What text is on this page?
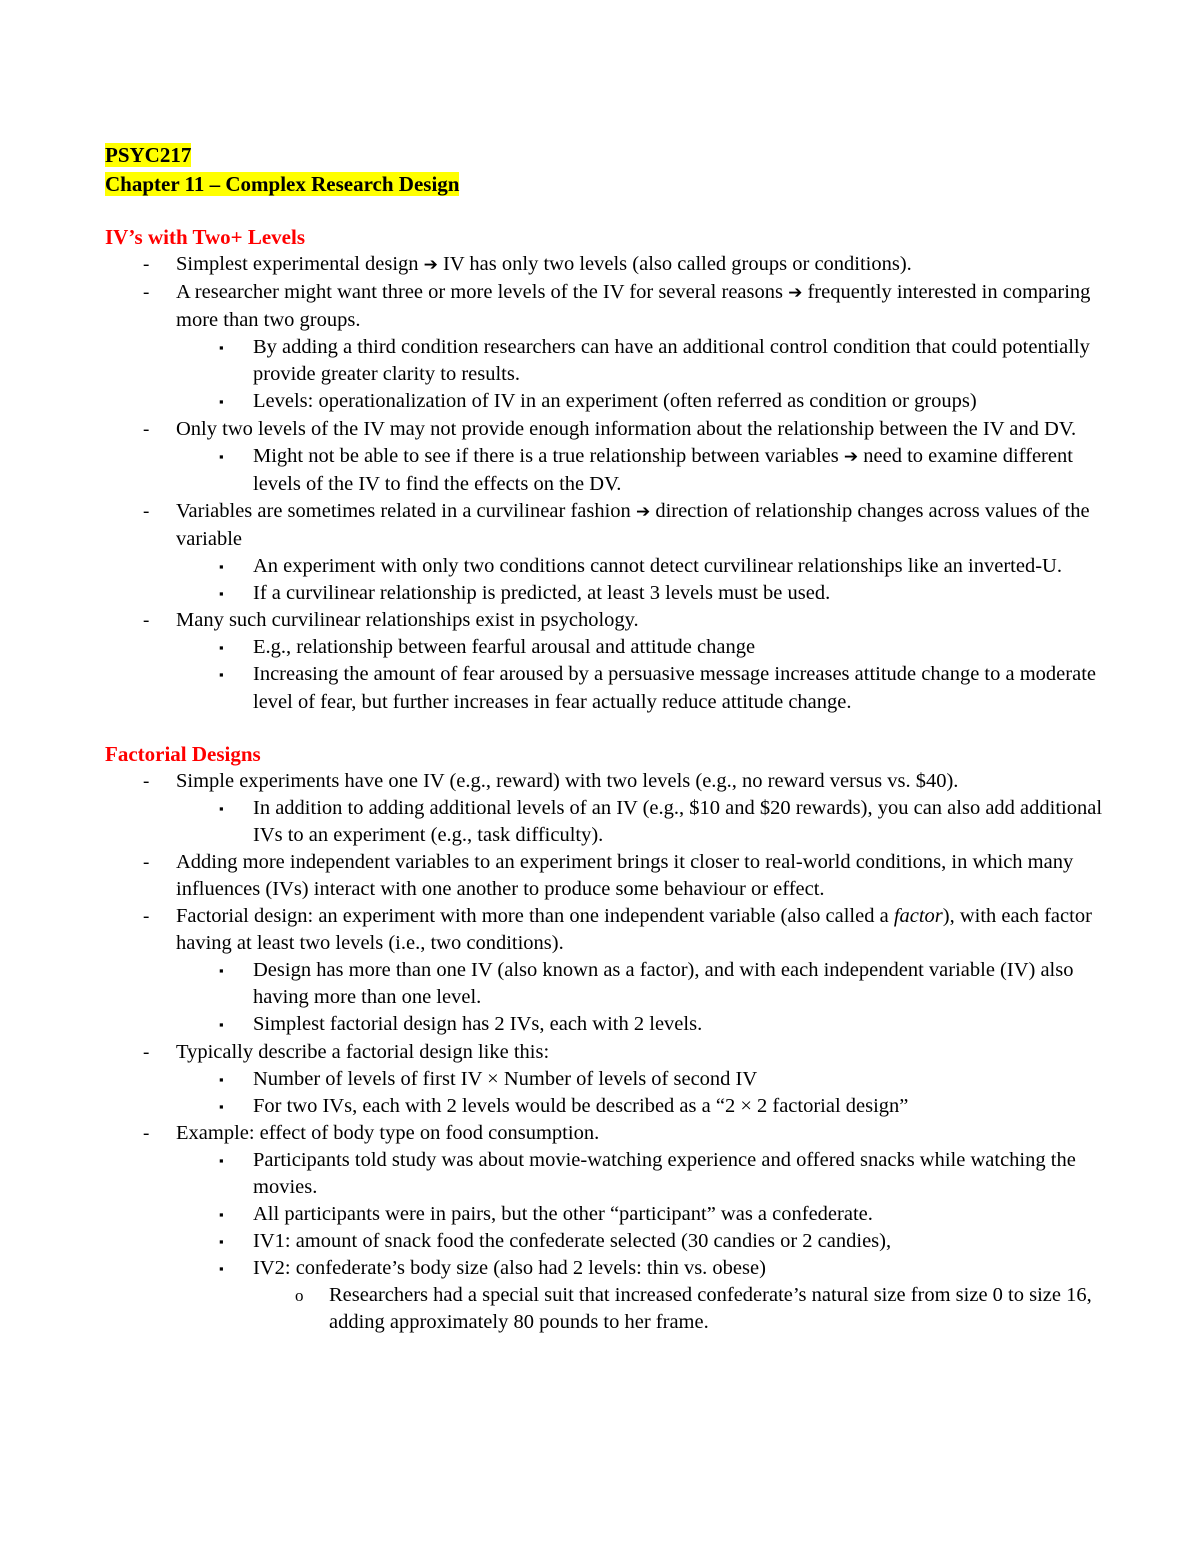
PSYC217
Chapter 11 – Complex Research Design
IV’s with Two+ Levels
- Simplest experimental design ➔ IV has only two levels (also called groups or conditions).
- A researcher might want three or more levels of the IV for several reasons ➔ frequently interested in comparing more than two groups.
▪ By adding a third condition researchers can have an additional control condition that could potentially provide greater clarity to results.
▪ Levels: operationalization of IV in an experiment (often referred as condition or groups)
- Only two levels of the IV may not provide enough information about the relationship between the IV and DV.
▪ Might not be able to see if there is a true relationship between variables ➔ need to examine different levels of the IV to find the effects on the DV.
- Variables are sometimes related in a curvilinear fashion ➔ direction of relationship changes across values of the variable
▪ An experiment with only two conditions cannot detect curvilinear relationships like an inverted-U.
▪ If a curvilinear relationship is predicted, at least 3 levels must be used.
- Many such curvilinear relationships exist in psychology.
▪ E.g., relationship between fearful arousal and attitude change
▪ Increasing the amount of fear aroused by a persuasive message increases attitude change to a moderate level of fear, but further increases in fear actually reduce attitude change.
Factorial Designs
- Simple experiments have one IV (e.g., reward) with two levels (e.g., no reward versus vs. $40).
▪ In addition to adding additional levels of an IV (e.g., $10 and $20 rewards), you can also add additional IVs to an experiment (e.g., task difficulty).
- Adding more independent variables to an experiment brings it closer to real-world conditions, in which many influences (IVs) interact with one another to produce some behaviour or effect.
- Factorial design: an experiment with more than one independent variable (also called a factor), with each factor having at least two levels (i.e., two conditions).
▪ Design has more than one IV (also known as a factor), and with each independent variable (IV) also having more than one level.
▪ Simplest factorial design has 2 IVs, each with 2 levels.
- Typically describe a factorial design like this:
▪ Number of levels of first IV × Number of levels of second IV
▪ For two IVs, each with 2 levels would be described as a “2 × 2 factorial design”
- Example: effect of body type on food consumption.
▪ Participants told study was about movie-watching experience and offered snacks while watching the movies.
▪ All participants were in pairs, but the other “participant” was a confederate.
▪ IV1: amount of snack food the confederate selected (30 candies or 2 candies),
▪ IV2: confederate’s body size (also had 2 levels: thin vs. obese)
o Researchers had a special suit that increased confederate’s natural size from size 0 to size 16, adding approximately 80 pounds to her frame.
